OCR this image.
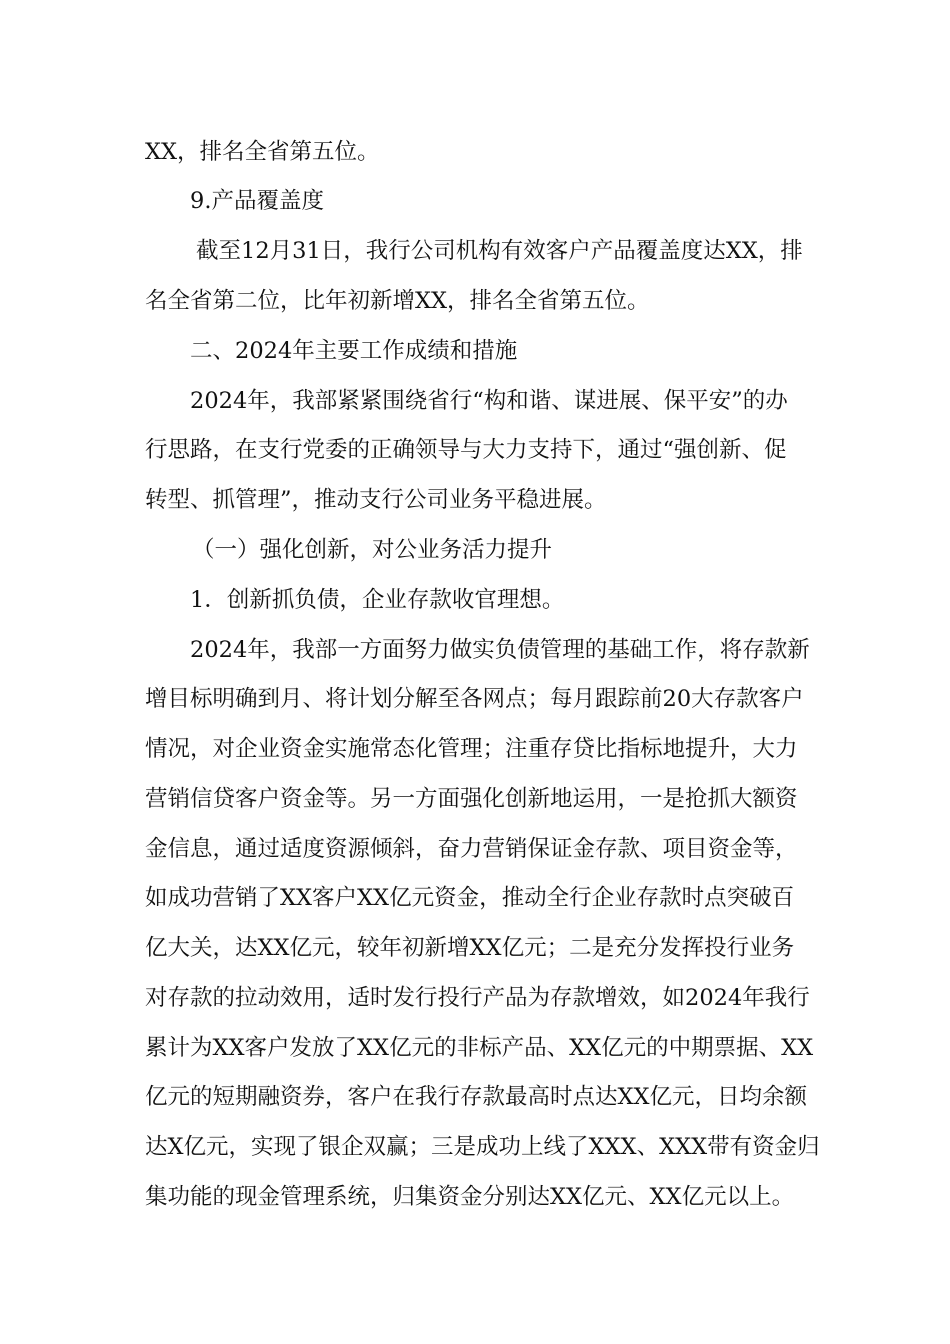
XX，排名全省第五位。
9.产品覆盖度
截至12月31日，我行公司机构有效客户产品覆盖度达XX，排
名全省第二位，比年初新增XX，排名全省第五位。
二、2024年主要工作成绩和措施
2024年，我部紧紧围绕省行“构和谐、谋进展、保平安”的办
行思路，在支行党委的正确领导与大力支持下，通过“强创新、促
转型、抓管理”，推动支行公司业务平稳进展。
（一）强化创新，对公业务活力提升
1．创新抓负债，企业存款收官理想。
2024年，我部一方面努力做实负债管理的基础工作，将存款新
增目标明确到月、将计划分解至各网点；每月跟踪前20大存款客户
情况，对企业资金实施常态化管理；注重存贷比指标地提升，大力
营销信贷客户资金等。另一方面强化创新地运用，一是抢抓大额资
金信息，通过适度资源倾斜，奋力营销保证金存款、项目资金等，
如成功营销了XX客户XX亿元资金，推动全行企业存款时点突破百
亿大关，达XX亿元，较年初新增XX亿元；二是充分发挥投行业务
对存款的拉动效用，适时发行投行产品为存款增效，如2024年我行
累计为XX客户发放了XX亿元的非标产品、XX亿元的中期票据、XX
亿元的短期融资券，客户在我行存款最高时点达XX亿元，日均余额
达X亿元，实现了银企双赢；三是成功上线了XXX、XXX带有资金归
集功能的现金管理系统，归集资金分别达XX亿元、XX亿元以上。
